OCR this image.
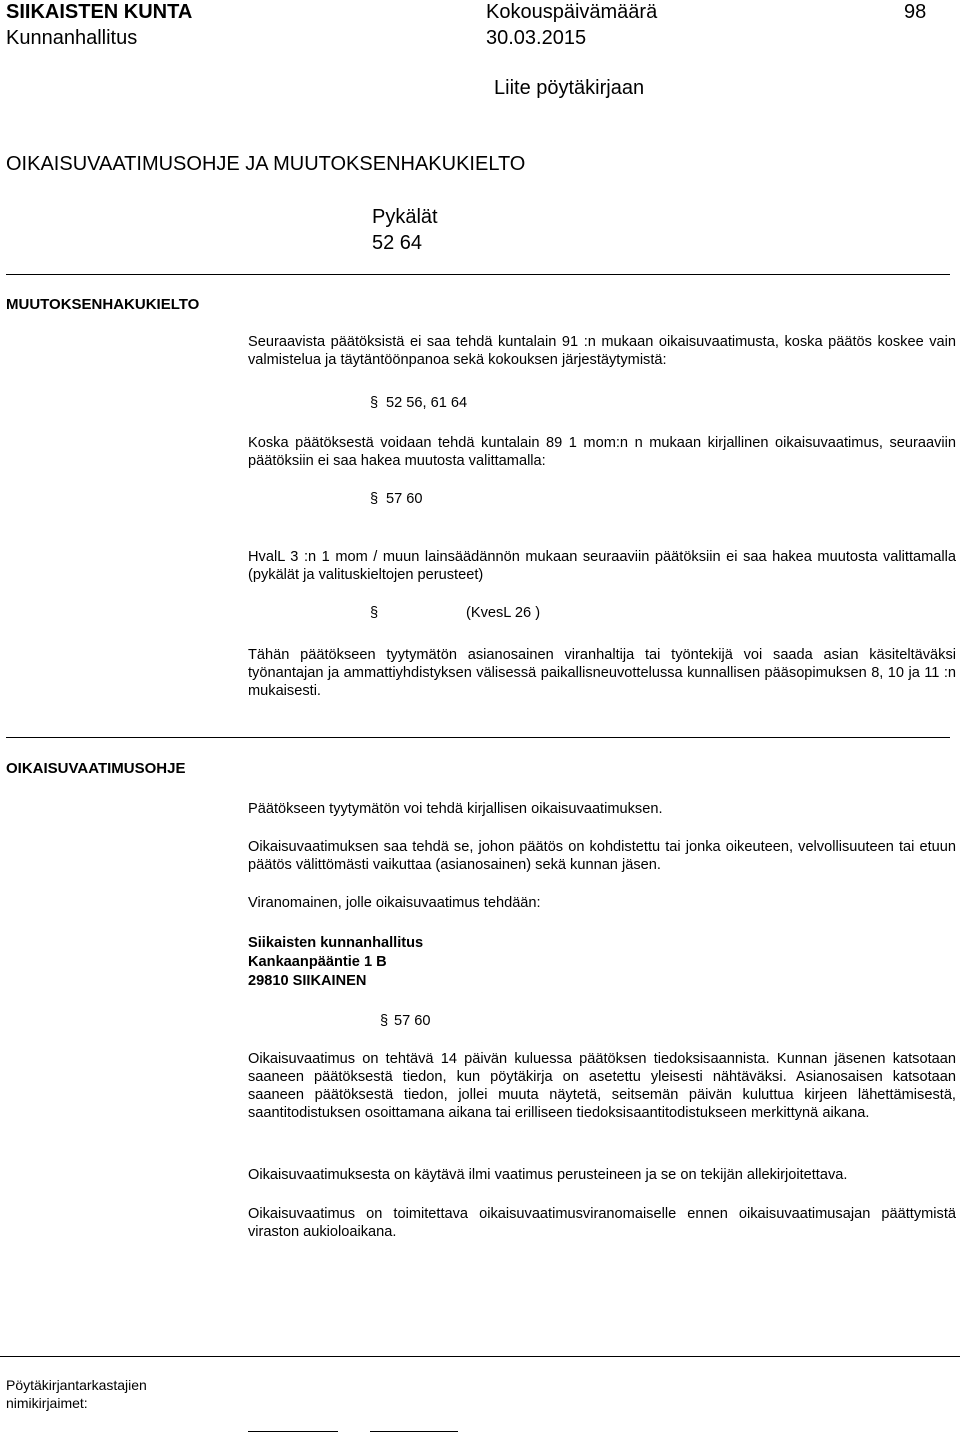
SIIKAISTEN KUNTA
Kunnanhallitus
Kokouspäivämäärä
30.03.2015
98
Liite pöytäkirjaan
OIKAISUVAATIMUSOHJE JA MUUTOKSENHAKUKIELTO
Pykälät
52 64
MUUTOKSENHAKUKIELTO
Seuraavista päätöksistä ei saa tehdä kuntalain 91 :n mukaan oikaisuvaatimusta, koska päätös koskee vain valmistelua ja täytäntöönpanoa sekä kokouksen järjestäytymistä:
§ 52 56, 61 64
Koska päätöksestä voidaan tehdä kuntalain 89 1 mom:n n mukaan kirjallinen oikaisuvaatimus, seuraaviin päätöksiin ei saa hakea muutosta valittamalla:
§ 57 60
HvalL 3 :n 1 mom / muun lainsäädännön mukaan seuraaviin päätöksiin ei saa hakea muutosta valittamalla (pykälät ja valituskieltojen perusteet)
§	(KvesL 26 )
Tähän päätökseen tyytymätön asianosainen viranhaltija tai työntekijä voi saada asian käsiteltäväksi työnantajan ja ammattiyhdistyksen välisessä paikallisneuvottelussa kunnallisen pääsopimuksen 8, 10 ja 11 :n mukaisesti.
OIKAISUVAATIMUSOHJE
Päätökseen tyytymätön voi tehdä kirjallisen oikaisuvaatimuksen.
Oikaisuvaatimuksen saa tehdä se, johon päätös on kohdistettu tai jonka oikeuteen, velvollisuuteen tai etuun päätös välittömästi vaikuttaa (asianosainen) sekä kunnan jäsen.
Viranomainen, jolle oikaisuvaatimus tehdään:
Siikaisten kunnanhallitus
Kankaanpääntie 1 B
29810 SIIKAINEN
§ 57 60
Oikaisuvaatimus on tehtävä 14 päivän kuluessa päätöksen tiedoksisaannista. Kunnan jäsenen katsotaan saaneen päätöksestä tiedon, kun pöytäkirja on asetettu yleisesti nähtäväksi. Asianosaisen katsotaan saaneen päätöksestä tiedon, jollei muuta näytetä, seitsemän päivän kuluttua kirjeen lähettämisestä, saantitodistuksen osoittamana aikana tai erilliseen tiedoksisaantitodistukseen merkittynä aikana.
Oikaisuvaatimuksesta on käytävä ilmi vaatimus perusteineen ja se on tekijän allekirjoitettava.
Oikaisuvaatimus on toimitettava oikaisuvaatimusviranomaiselle ennen oikaisuvaatimusajan päättymistä viraston aukioloaikana.
Pöytäkirjantarkastajien
nimikirjaimet:
